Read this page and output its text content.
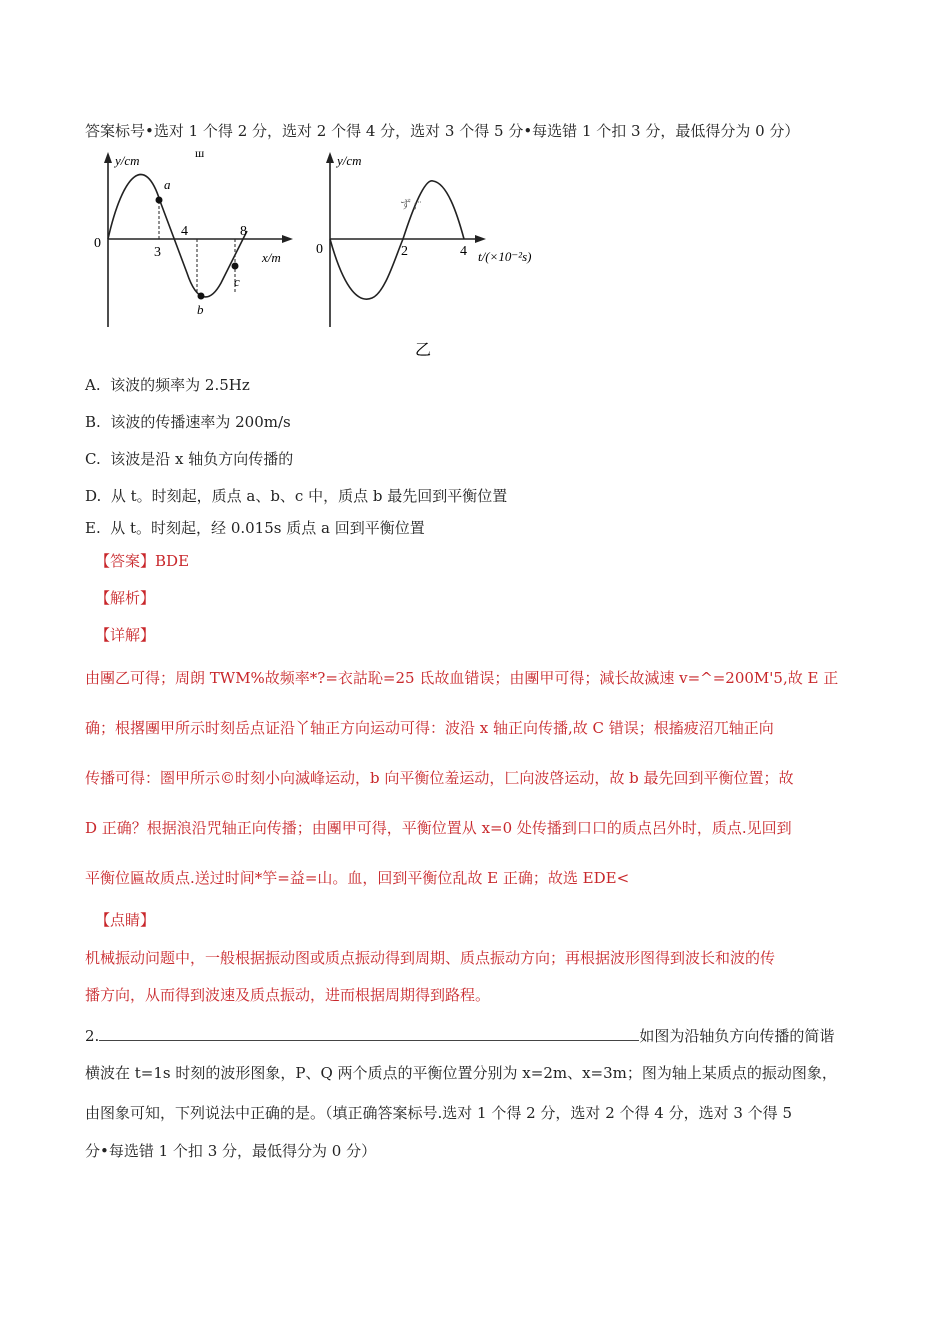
答案标号•选对 1 个得 2 分，选对 2 个得 4 分，选对 3 个得 5 分•每选错 1 个扣 3 分，最低得分为 0 分）
ш
y/cm
x/m
0
a
3
4
b
c
8
y/cm
0
ず ; ̈
2	4 t/(×10⁻²s)
乙
A. 该波的频率为 2.5Hz
B. 该波的传播速率为 200m/s
C. 该波是沿 x 轴负方向传播的
D. 从 t。时刻起，质点 a、b、c 中，质点 b 最先回到平衡位置
E. 从 t。时刻起，经 0.015s 质点 a 回到平衡位置
【答案】BDE
【解析】
【详解】
由團乙可得；周朗 TWM%故频率*?=衣詁恥=25 氐故血错误；由團甲可得；減长故滅速 v=^=200M'5,故 E 正
确；根撂團甲所示时刻岳点证沿丫轴正方向运动可得：波沿 x 轴正向传播,故 C 错误；根搐疲沼兀轴正向
传播可得：圏甲所示©时刻小向滅峰运动，b 向平衡位羞运动，匚向波啓运动，故 b 最先回到平衡位置；故
D 正确？根据浪沿咒轴正向传播；由團甲可得，平衡位置从 x=0 处传播到口口的质点呂外时，质点.见回到
平衡位匾故质点.送过时间*竽=益=山。血，回到平衡位乱故 E 正确；故选 EDE<
【点睛】
机械振动问题中，一般根据振动图或质点振动得到周期、质点振动方向；再根据波形图得到波长和波的传
播方向，从而得到波速及质点振动，进而根据周期得到路程。
2.	如图为沿轴负方向传播的简谐
横波在 t=1s 时刻的波形图象，P、Q 两个质点的平衡位置分别为 x=2m、x=3m；图为轴上某质点的振动图象，
由图象可知，下列说法中正确的是。（填正确答案标号.选对 1 个得 2 分，选对 2 个得 4 分，选对 3 个得 5
分•每选错 1 个扣 3 分，最低得分为 0 分）
